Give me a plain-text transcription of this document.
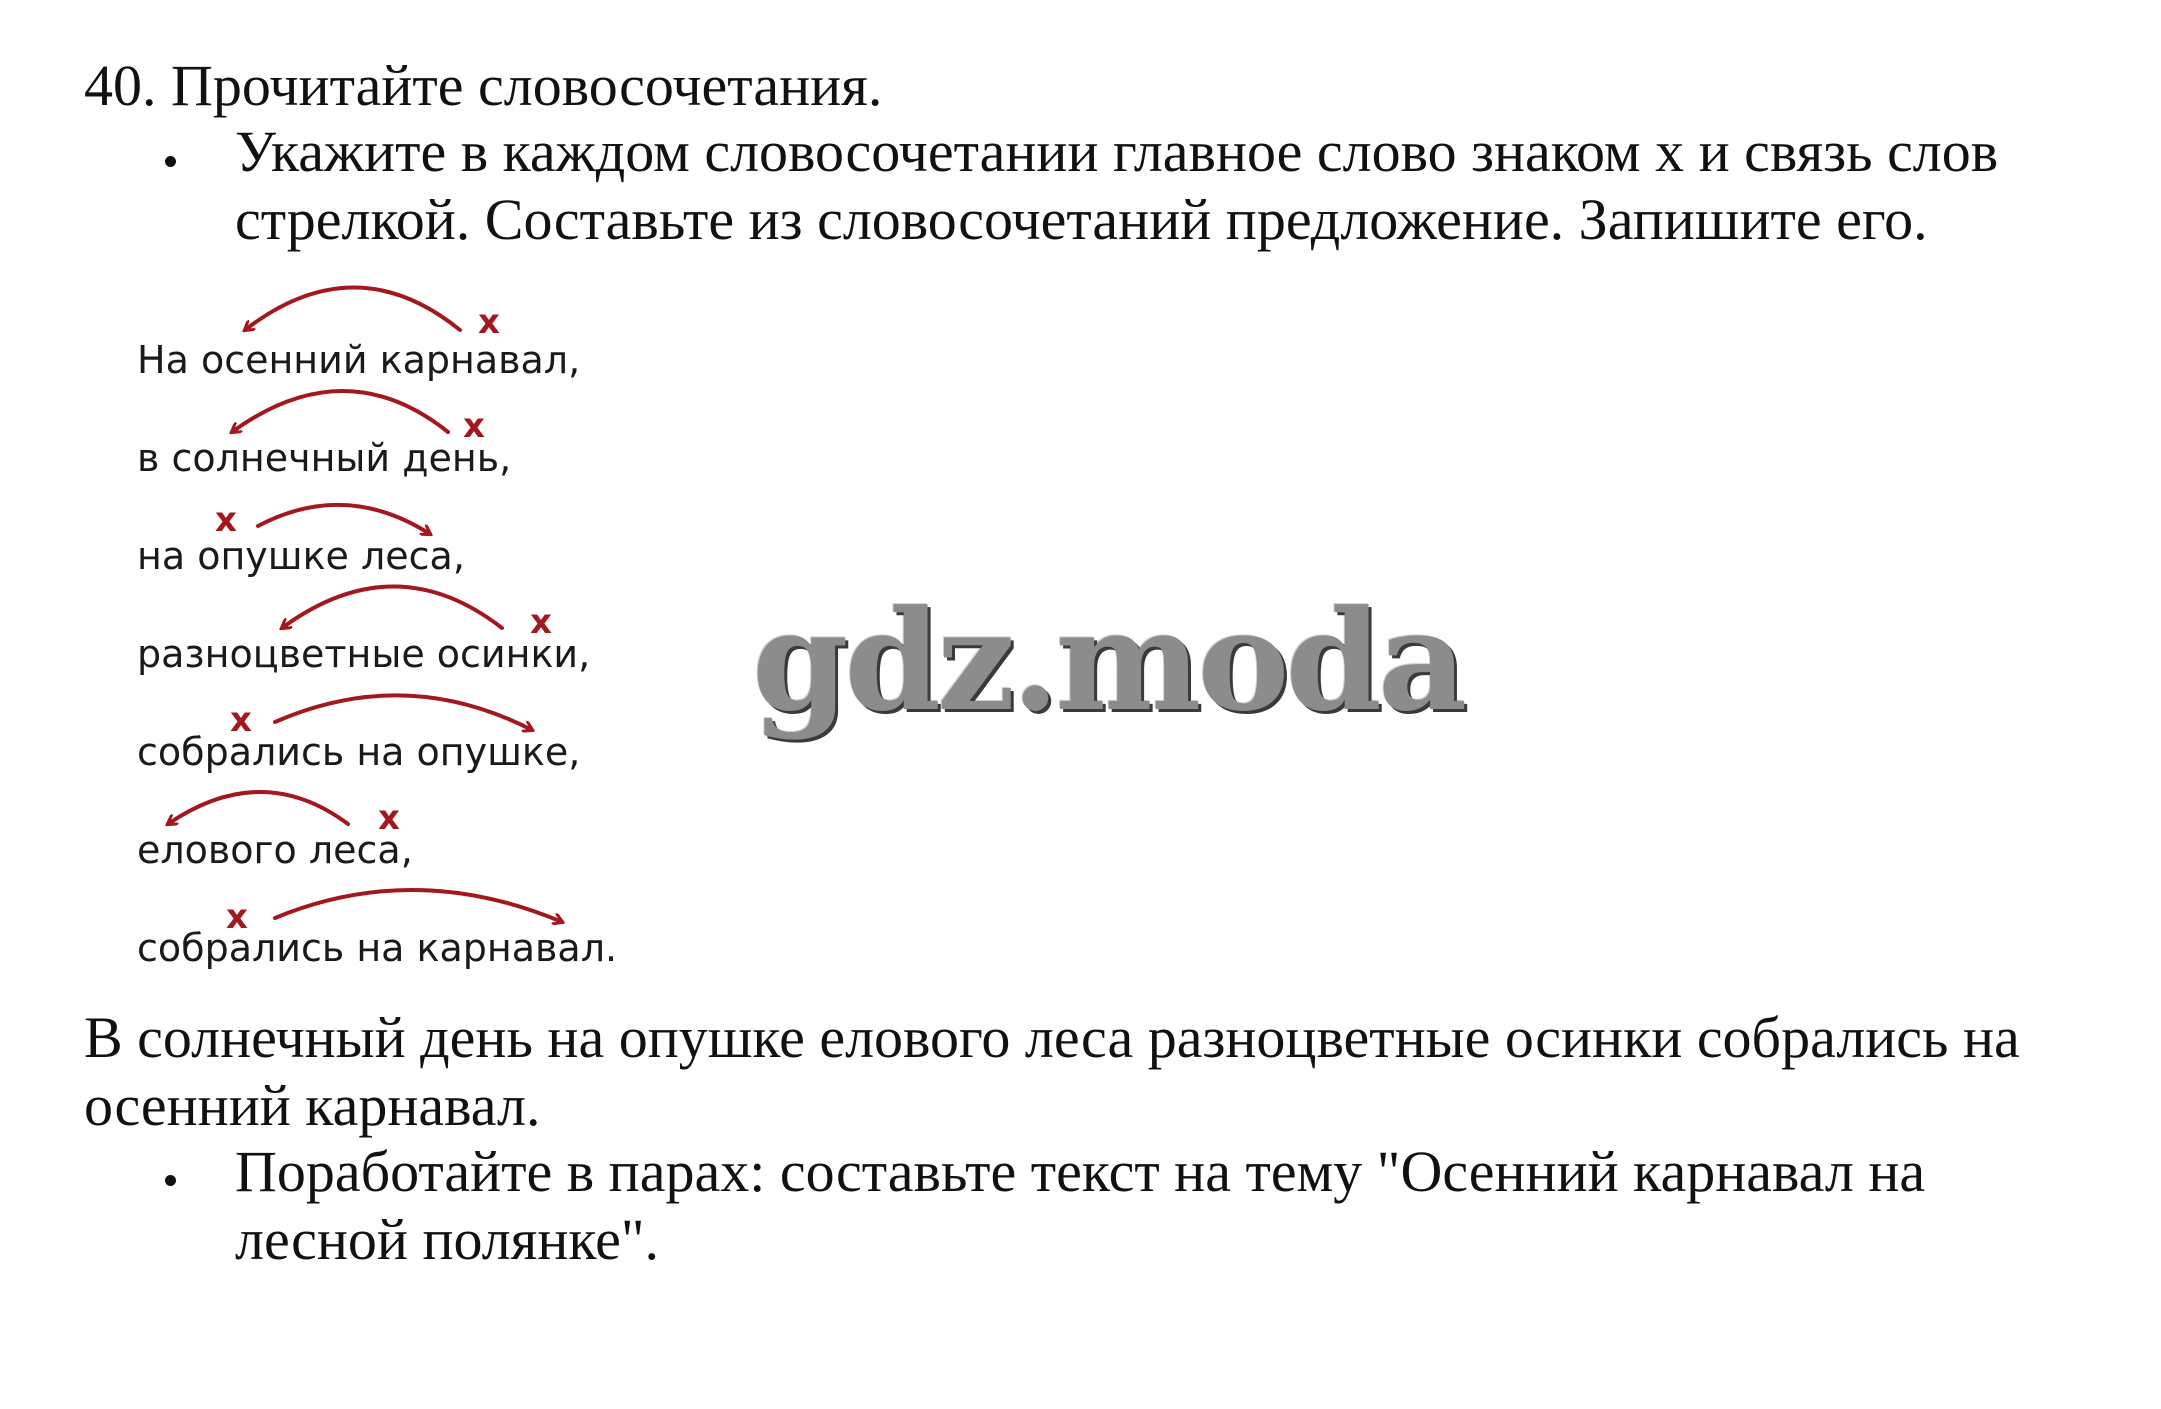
40. Прочитайте словосочетания.
Укажите в каждом словосочетании главное слово знаком х и связь слов
стрелкой. Составьте из словосочетаний предложение. Запишите его.
На осенний карнавал,
в солнечный день,
на опушке леса,
разноцветные осинки,
собрались на опушке,
елового леса,
собрались на карнавал.
x
x
x
x
x
x
x
gdz.moda
В солнечный день на опушке елового леса разноцветные осинки собрались на
осенний карнавал.
Поработайте в парах: составьте текст на тему "Осенний карнавал на
лесной полянке".
